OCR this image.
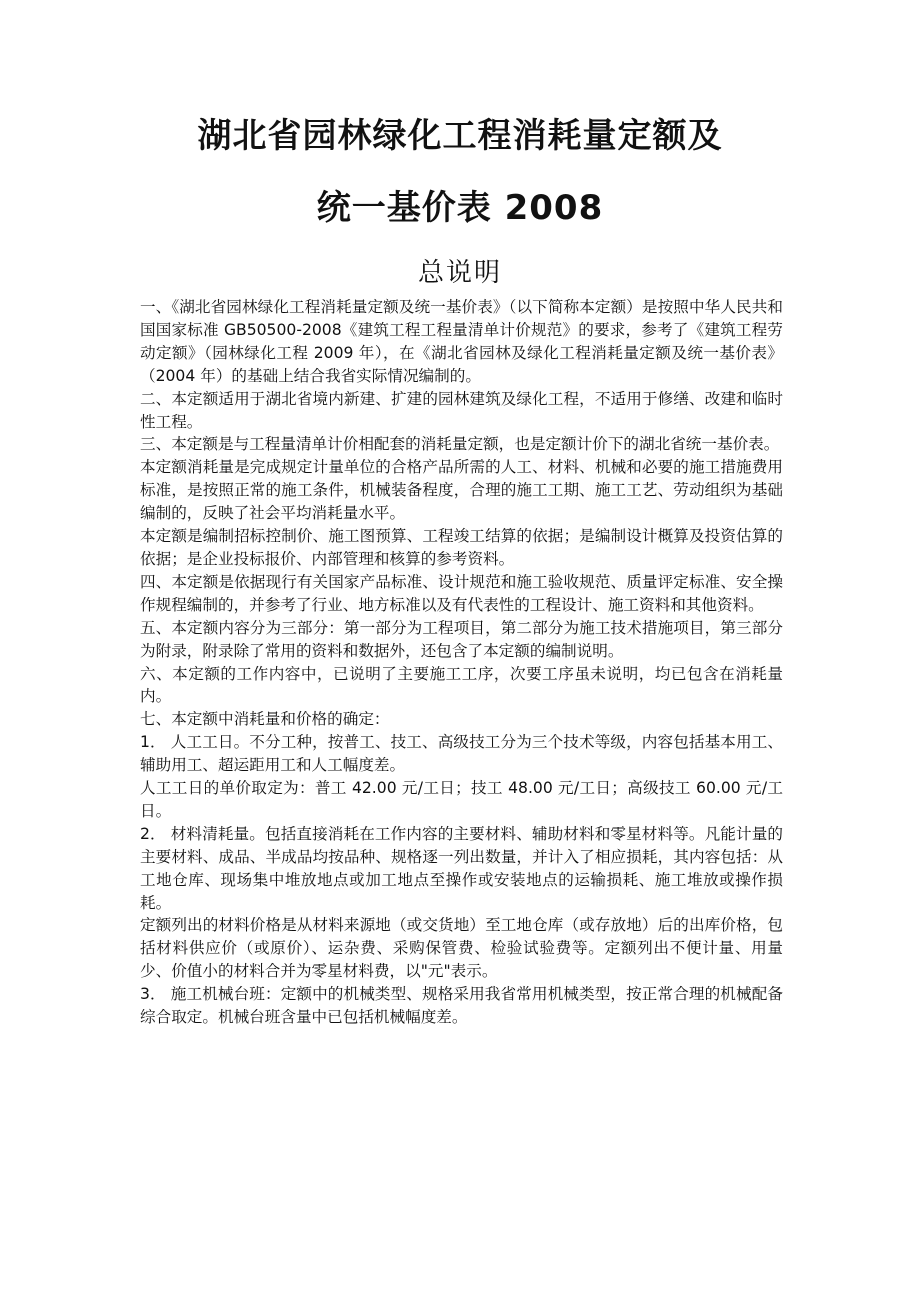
湖北省园林绿化工程消耗量定额及
统一基价表 2008
总说明

一、《湖北省园林绿化工程消耗量定额及统一基价表》（以下简称本定额）是按照中华人民共和国国家标准 GB50500-2008《建筑工程工程量清单计价规范》的要求，参考了《建筑工程劳动定额》（园林绿化工程 2009 年），在《湖北省园林及绿化工程消耗量定额及统一基价表》（2004 年）的基础上结合我省实际情况编制的。

二、本定额适用于湖北省境内新建、扩建的园林建筑及绿化工程，不适用于修缮、改建和临时性工程。

三、本定额是与工程量清单计价相配套的消耗量定额，也是定额计价下的湖北省统一基价表。

本定额消耗量是完成规定计量单位的合格产品所需的人工、材料、机械和必要的施工措施费用标准，是按照正常的施工条件，机械装备程度，合理的施工工期、施工工艺、劳动组织为基础编制的，反映了社会平均消耗量水平。

本定额是编制招标控制价、施工图预算、工程竣工结算的依据；是编制设计概算及投资估算的依据；是企业投标报价、内部管理和核算的参考资料。

四、本定额是依据现行有关国家产品标准、设计规范和施工验收规范、质量评定标准、安全操作规程编制的，并参考了行业、地方标准以及有代表性的工程设计、施工资料和其他资料。

五、本定额内容分为三部分：第一部分为工程项目，第二部分为施工技术措施项目，第三部分为附录，附录除了常用的资料和数据外，还包含了本定额的编制说明。

六、本定额的工作内容中，已说明了主要施工工序，次要工序虽未说明，均已包含在消耗量内。

七、本定额中消耗量和价格的确定：

1． 人工工日。不分工种，按普工、技工、高级技工分为三个技术等级，内容包括基本用工、辅助用工、超运距用工和人工幅度差。

人工工日的单价取定为：普工 42.00 元/工日；技工 48.00 元/工日；高级技工 60.00 元/工日。

2． 材料清耗量。包括直接消耗在工作内容的主要材料、辅助材料和零星材料等。凡能计量的主要材料、成品、半成品均按品种、规格逐一列出数量，并计入了相应损耗，其内容包括：从工地仓库、现场集中堆放地点或加工地点至操作或安装地点的运输损耗、施工堆放或操作损耗。

定额列出的材料价格是从材料来源地（或交货地）至工地仓库（或存放地）后的出库价格，包括材料供应价（或原价）、运杂费、采购保管费、检验试验费等。定额列出不便计量、用量少、价值小的材料合并为零星材料费，以"元"表示。

3． 施工机械台班：定额中的机械类型、规格采用我省常用机械类型，按正常合理的机械配备综合取定。机械台班含量中已包括机械幅度差。
